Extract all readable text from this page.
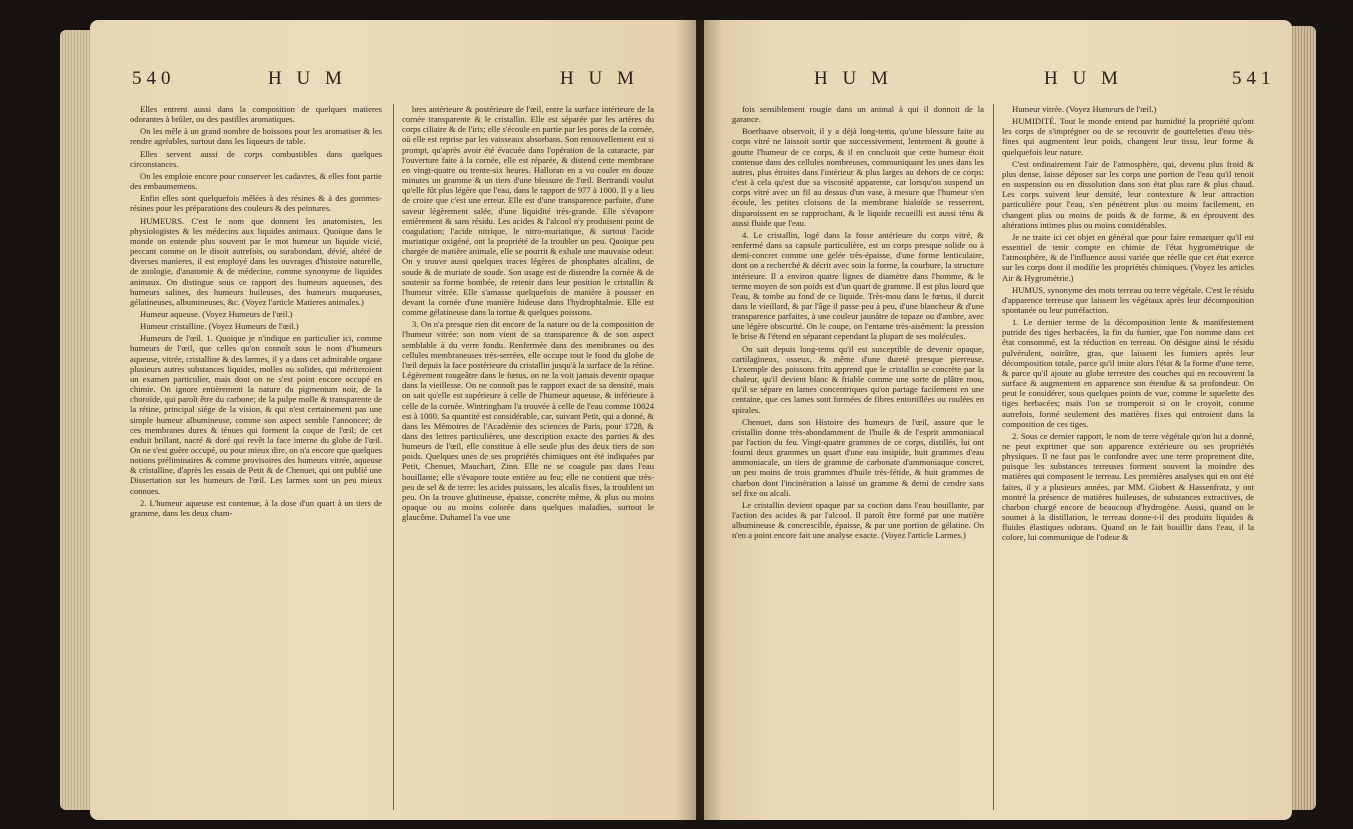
540	H U M	H U M

Elles entrent aussi dans la composition de quelques matieres odorantes à brûler, ou des pastilles aromatiques.

On les mêle à un grand nombre de boissons pour les aromatiser & les rendre agréables, surtout dans les liqueurs de table.

Elles servent aussi de corps combustibles dans quelques circonstances.

On les emploie encore pour conserver les cadavres, & elles font partie des embaumemens.

Enfin elles sont quelquefois mêlées à des résines & à des gommes-résines pour les préparations des couleurs & des peintures.

HUMEURS. C'est le nom que donnent les anatomistes, les physiologistes & les médecins aux liquides animaux. Quoique dans le monde on entende plus souvent par le mot humeur un liquide vicié, peccant comme on le disoit autrefois, ou surabondant, dévié, altéré de diverses manieres, il est employé dans les ouvrages d'histoire naturelle, de zoologie, d'anatomie & de médecine, comme synonyme de liquides animaux. On distingue sous ce rapport des humeurs aqueuses, des humeurs salines, des humeurs huileuses, des humeurs muqueuses, gélatineuses, albumineuses, &c. (Voyez l'article Matieres animales.)

Humeur aqueuse. (Voyez Humeurs de l'œil.)

Humeur cristalline. (Voyez Humeurs de l'œil.)

Humeurs de l'œil. 1. Quoique je n'indique en particulier ici, comme humeurs de l'œil, que celles qu'on connoît sous le nom d'humeurs aqueuse, vitrée, cristalline & des larmes, il y a dans cet admirable organe plusieurs autres substances liquides, molles ou solides, qui mériteroient un examen particulier, mais dont on ne s'est point encore occupé en chimie. On ignore entièrement la nature du pigmentum noir, de la choroïde, qui paroît être du carbone; de la pulpe molle & transparente de la rétine, principal siége de la vision, & qui n'est certainement pas une simple humeur albumineuse, comme son aspect semble l'annoncer; de ces membranes dures & ténues qui forment la coque de l'œil; de cet enduit brillant, nacré & doré qui revêt la face interne du globe de l'œil. On ne s'est guère occupé, ou pour mieux dire, on n'a encore que quelques notions préliminaires & comme provisoires des humeurs vitrée, aqueuse & cristalline, d'après les essais de Petit & de Chenuet, qui ont publié une Dissertation sur les humeurs de l'œil. Les larmes sont un peu mieux connues.

2. L'humeur aqueuse est contenue, à la dose d'un quart à un tiers de gramme, dans les deux cham-

bres antérieure & postérieure de l'œil, entre la surface intérieure de la cornée transparente & le cristallin. Elle est séparée par les artères du corps ciliaire & de l'iris; elle s'écoule en partie par les pores de la cornée, où elle est reprise par les vaisseaux absorbans. Son renouvellement est si prompt, qu'après avoir été évacuée dans l'opération de la cataracte, par l'ouverture faite à la cornée, elle est réparée, & distend cette membrane en vingt-quatre ou trente-six heures. Halloran en a vu couler en douze minutes un gramme & un tiers d'une blessure de l'œil. Bertrandi voulut qu'elle fût plus légère que l'eau, dans le rapport de 977 à 1000. Il y a lieu de croire que c'est une erreur. Elle est d'une transparence parfaite, d'une saveur légèrement salée, d'une liquidité très-grande. Elle s'évapore entièrement & sans résidu. Les acides & l'alcool n'y produisent point de coagulation; l'acide nitrique, le nitro-muriatique, & surtout l'acide muriatique oxigéné, ont la propriété de la troubler un peu. Quoique peu chargée de matière animale, elle se pourrit & exhale une mauvaise odeur. On y trouve aussi quelques traces légères de phosphates alcalins, de soude & de muriate de soude. Son usage est de distendre la cornée & de soutenir sa forme bombée, de retenir dans leur position le cristallin & l'humeur vitrée. Elle s'amasse quelquefois de manière à pousser en devant la cornée d'une manière hideuse dans l'hydrophtalmie. Elle est comme gélatineuse dans la tortue & quelques poissons.

3. On n'a presque rien dit encore de la nature ou de la composition de l'humeur vitrée: son nom vient de sa transparence & de son aspect semblable à du verre fondu. Renfermée dans des membranes ou des cellules membraneuses très-serrées, elle occupe tout le fond du globe de l'œil depuis la face postérieure du cristallin jusqu'à la surface de la rétine. Légèrement rougeâtre dans le fœtus, on ne la voit jamais devenir opaque dans la vieillesse. On ne connoît pas le rapport exact de sa densité, mais on sait qu'elle est supérieure à celle de l'humeur aqueuse, & inférieure à celle de la cornée. Wintringham l'a trouvée à celle de l'eau comme 10024 est à 1000. Sa quantité est considérable, car, suivant Petit, qui a donné, & dans les Mémoires de l'Académie des sciences de Paris, pour 1728, & dans des lettres particulières, une description exacte des parties & des humeurs de l'œil, elle constitue à elle seule plus des deux tiers de son poids. Quelques unes de ses propriétés chimiques ont été indiquées par Petit, Chenuet, Mauchart, Zinn. Elle ne se coagule pas dans l'eau bouillante; elle s'évapore toute entière au feu; elle ne contient que très-peu de sel & de terre: les acides puissans, les alcalis fixes, la troublent un peu. On la trouve glutineuse, épaisse, concrète même, & plus ou moins opaque ou au moins colorée dans quelques maladies, surtout le glaucôme. Duhamel l'a vue une

H U M	H U M	541

fois sensiblement rougie dans un animal à qui il donnoit de la garance.

Boerhaave observoit, il y a déjà long-tems, qu'une blessure faite au corps vitré ne laissoit sortir que successivement, lentement & goutte à goutte l'humeur de ce corps, & il en concluoit que cette humeur étoit contenue dans des cellules nombreuses, communiquant les unes dans les autres, plus étroites dans l'intérieur & plus larges au dehors de ce corps: c'est à cela qu'est due sa viscosité apparente, car lorsqu'on suspend un corps vitré avec un fil au dessus d'un vase, à mesure que l'humeur s'en écoule, les petites cloisons de la membrane hialoïde se resserrent, disparoissent en se rapprochant, & le liquide recueilli est aussi ténu & aussi fluide que l'eau.

4. Le cristallin, logé dans la fosse antérieure du corps vitré, & renfermé dans sa capsule particulière, est un corps presque solide ou à demi-concret comme une gelée très-épaisse, d'une forme lenticulaire, dont on a recherché & décrit avec soin la forme, la courbure, la structure intérieure. Il a environ quatre lignes de diamètre dans l'homme, & le terme moyen de son poids est d'un quart de gramme. Il est plus lourd que l'eau, & tombe au fond de ce liquide. Très-mou dans le fœtus, il durcit dans le vieillard, & par l'âge il passe peu à peu, d'une blancheur & d'une transparence parfaites, à une couleur jaunâtre de topaze ou d'ambre, avec une légère obscurité. On le coupe, on l'entame très-aisément: la pression le brise & l'étend en séparant cependant la plupart de ses molécules.

On sait depuis long-tems qu'il est susceptible de devenir opaque, cartilagineux, osseux, & même d'une dureté presque pierreuse. L'exemple des poissons frits apprend que le cristallin se concrète par la chaleur, qu'il devient blanc & friable comme une sorte de plâtre mou, qu'il se sépare en lames concentriques qu'on partage facilement en une centaine, que ces lames sont formées de fibres entortillées ou roulées en spirales.

Chenuet, dans son Histoire des humeurs de l'œil, assure que le cristallin donne très-abondamment de l'huile & de l'esprit ammoniacal par l'action du feu. Vingt-quatre grammes de ce corps, distillés, lui ont fourni deux grammes un quart d'une eau insipide, huit grammes d'eau ammoniacale, un tiers de gramme de carbonate d'ammoniaque concret, un peu moins de trois grammes d'huile très-fétide, & huit grammes de charbon dont l'incinération a laissé un gramme & demi de cendre sans sel fixe ou alcali.

Le cristallin devient opaque par sa coction dans l'eau bouillante, par l'action des acides & par l'alcool. Il paroît être formé par une matière albumineuse & concrescible, épaisse, & par une portion de gélatine. On n'en a point encore fait une analyse exacte. (Voyez l'article Larmes.)

Humeur vitrée. (Voyez Humeurs de l'œil.)

HUMIDITÉ. Tout le monde entend par humidité la propriété qu'ont les corps de s'imprégner ou de se recouvrir de gouttelettes d'eau très-fines qui augmentent leur poids, changent leur tissu, leur forme & quelquefois leur nature.

C'est ordinairement l'air de l'atmosphère, qui, devenu plus froid & plus dense, laisse déposer sur les corps une portion de l'eau qu'il tenoit en suspension ou en dissolution dans son état plus rare & plus chaud. Les corps suivent leur densité, leur contexture & leur attraction particulière pour l'eau, s'en pénètrent plus ou moins facilement, en changent plus ou moins de poids & de forme, & en éprouvent des altérations intimes plus ou moins considérables.

Je ne traite ici cet objet en général que pour faire remarquer qu'il est essentiel de tenir compte en chimie de l'état hygrométrique de l'atmosphère, & de l'influence aussi variée que réelle que cet état exerce sur les corps dont il modifie les propriétés chimiques. (Voyez les articles Air & Hygrométrie.)

HUMUS, synonyme des mots terreau ou terre végétale. C'est le résidu d'apparence terreuse que laissent les végétaux après leur décomposition spontanée ou leur putréfaction.

1. Le dernier terme de la décomposition lente & manifestement putride des tiges herbacées, la fin du fumier, que l'on nomme dans cet état consommé, est la réduction en terreau. On désigne ainsi le résidu pulvérulent, noirâtre, gras, que laissent les fumiers après leur décomposition totale, parce qu'il imite alors l'état & la forme d'une terre, & parce qu'il ajoute au globe terrestre des couches qui en recouvrent la surface & augmentent en apparence son étendue & sa profondeur. On peut le considérer, sous quelques points de vue, comme le squelette des tiges herbacées; mais l'on se tromperoit si on le croyoit, comme autrefois, formé seulement des matières fixes qui entroient dans la composition de ces tiges.

2. Sous ce dernier rapport, le nom de terre végétale qu'on lui a donné, ne peut exprimer que son apparence extérieure ou ses propriétés physiques. Il ne faut pas le confondre avec une terre proprement dite, puisque les substances terreuses forment souvent la moindre des matières qui composent le terreau. Les premières analyses qui en ont été faites, il y a plusieurs années, par MM. Giobert & Hassenfratz, y ont montré la présence de matières huileuses, de substances extractives, de charbon chargé encore de beaucoup d'hydrogène. Aussi, quand on le soumet à la distillation, le terreau donne-t-il des produits liquides & fluides élastiques odorans. Quand on le fait bouillir dans l'eau, il la colore, lui communique de l'odeur &
